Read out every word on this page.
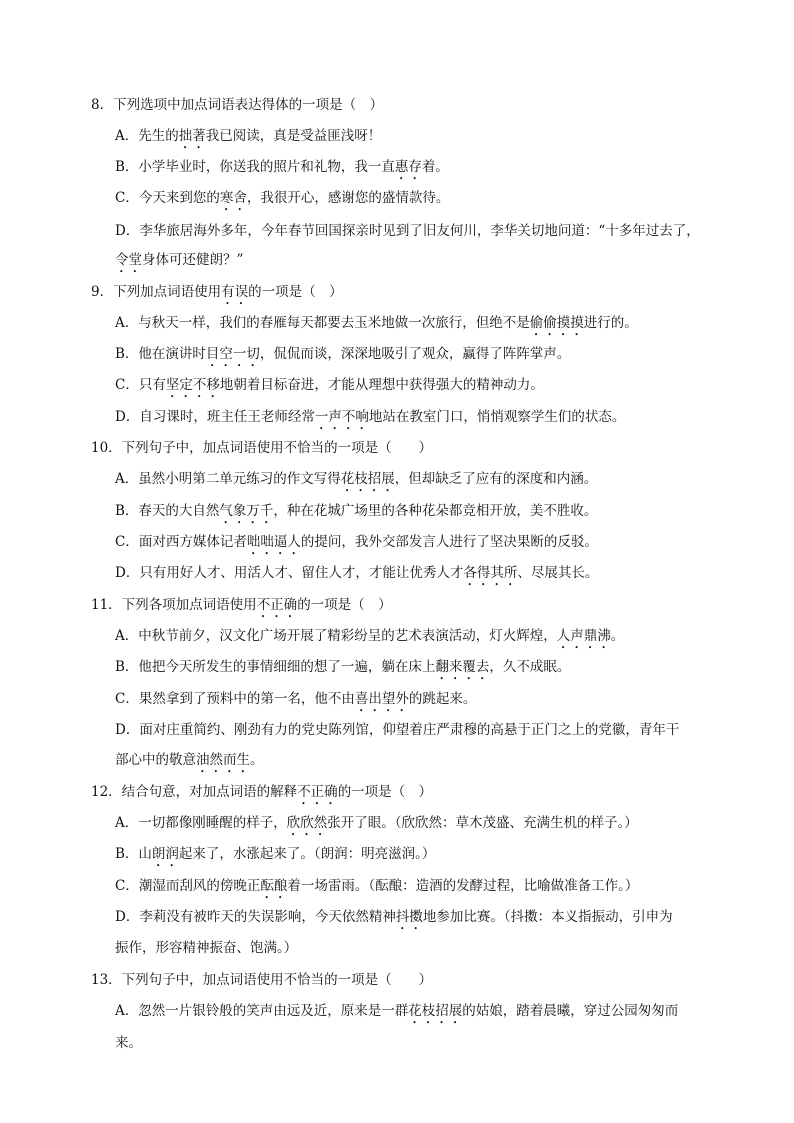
8．下列选项中加点词语表达得体的一项是（　）
A．先生的拙著我已阅读，真是受益匪浅呀！
B．小学毕业时，你送我的照片和礼物，我一直惠存着。
C．今天来到您的寒舍，我很开心，感谢您的盛情款待。
D．李华旅居海外多年，今年春节回国探亲时见到了旧友何川，李华关切地问道：“十多年过去了，
令堂身体可还健朗？”
9．下列加点词语使用有误的一项是（　）
A．与秋天一样，我们的春雁每天都要去玉米地做一次旅行，但绝不是偷偷摸摸进行的。
B．他在演讲时目空一切，侃侃而谈，深深地吸引了观众，赢得了阵阵掌声。
C．只有坚定不移地朝着目标奋进，才能从理想中获得强大的精神动力。
D．自习课时，班主任王老师经常一声不响地站在教室门口，悄悄观察学生们的状态。
10．下列句子中，加点词语使用不恰当的一项是（　　）
A．虽然小明第二单元练习的作文写得花枝招展，但却缺乏了应有的深度和内涵。
B．春天的大自然气象万千，种在花城广场里的各种花朵都竞相开放，美不胜收。
C．面对西方媒体记者咄咄逼人的提问，我外交部发言人进行了坚决果断的反驳。
D．只有用好人才、用活人才、留住人才，才能让优秀人才各得其所、尽展其长。
11．下列各项加点词语使用不正确的一项是（　）
A．中秋节前夕，汉文化广场开展了精彩纷呈的艺术表演活动，灯火辉煌，人声鼎沸。
B．他把今天所发生的事情细细的想了一遍，躺在床上翻来覆去，久不成眠。
C．果然拿到了预料中的第一名，他不由喜出望外的跳起来。
D．面对庄重简约、刚劲有力的党史陈列馆，仰望着庄严肃穆的高悬于正门之上的党徽，青年干
部心中的敬意油然而生。
12．结合句意，对加点词语的解释不正确的一项是（　）
A．一切都像刚睡醒的样子，欣欣然张开了眼。（欣欣然：草木茂盛、充满生机的样子。）
B．山朗润起来了，水涨起来了。（朗润：明亮滋润。）
C．潮湿而刮风的傍晚正酝酿着一场雷雨。（酝酿：造酒的发酵过程，比喻做准备工作。）
D．李莉没有被昨天的失误影响，今天依然精神抖擞地参加比赛。（抖擞：本义指振动，引申为
振作，形容精神振奋、饱满。）
13．下列句子中，加点词语使用不恰当的一项是（　　）
A．忽然一片银铃般的笑声由远及近，原来是一群花枝招展的姑娘，踏着晨曦，穿过公园匆匆而
来。
